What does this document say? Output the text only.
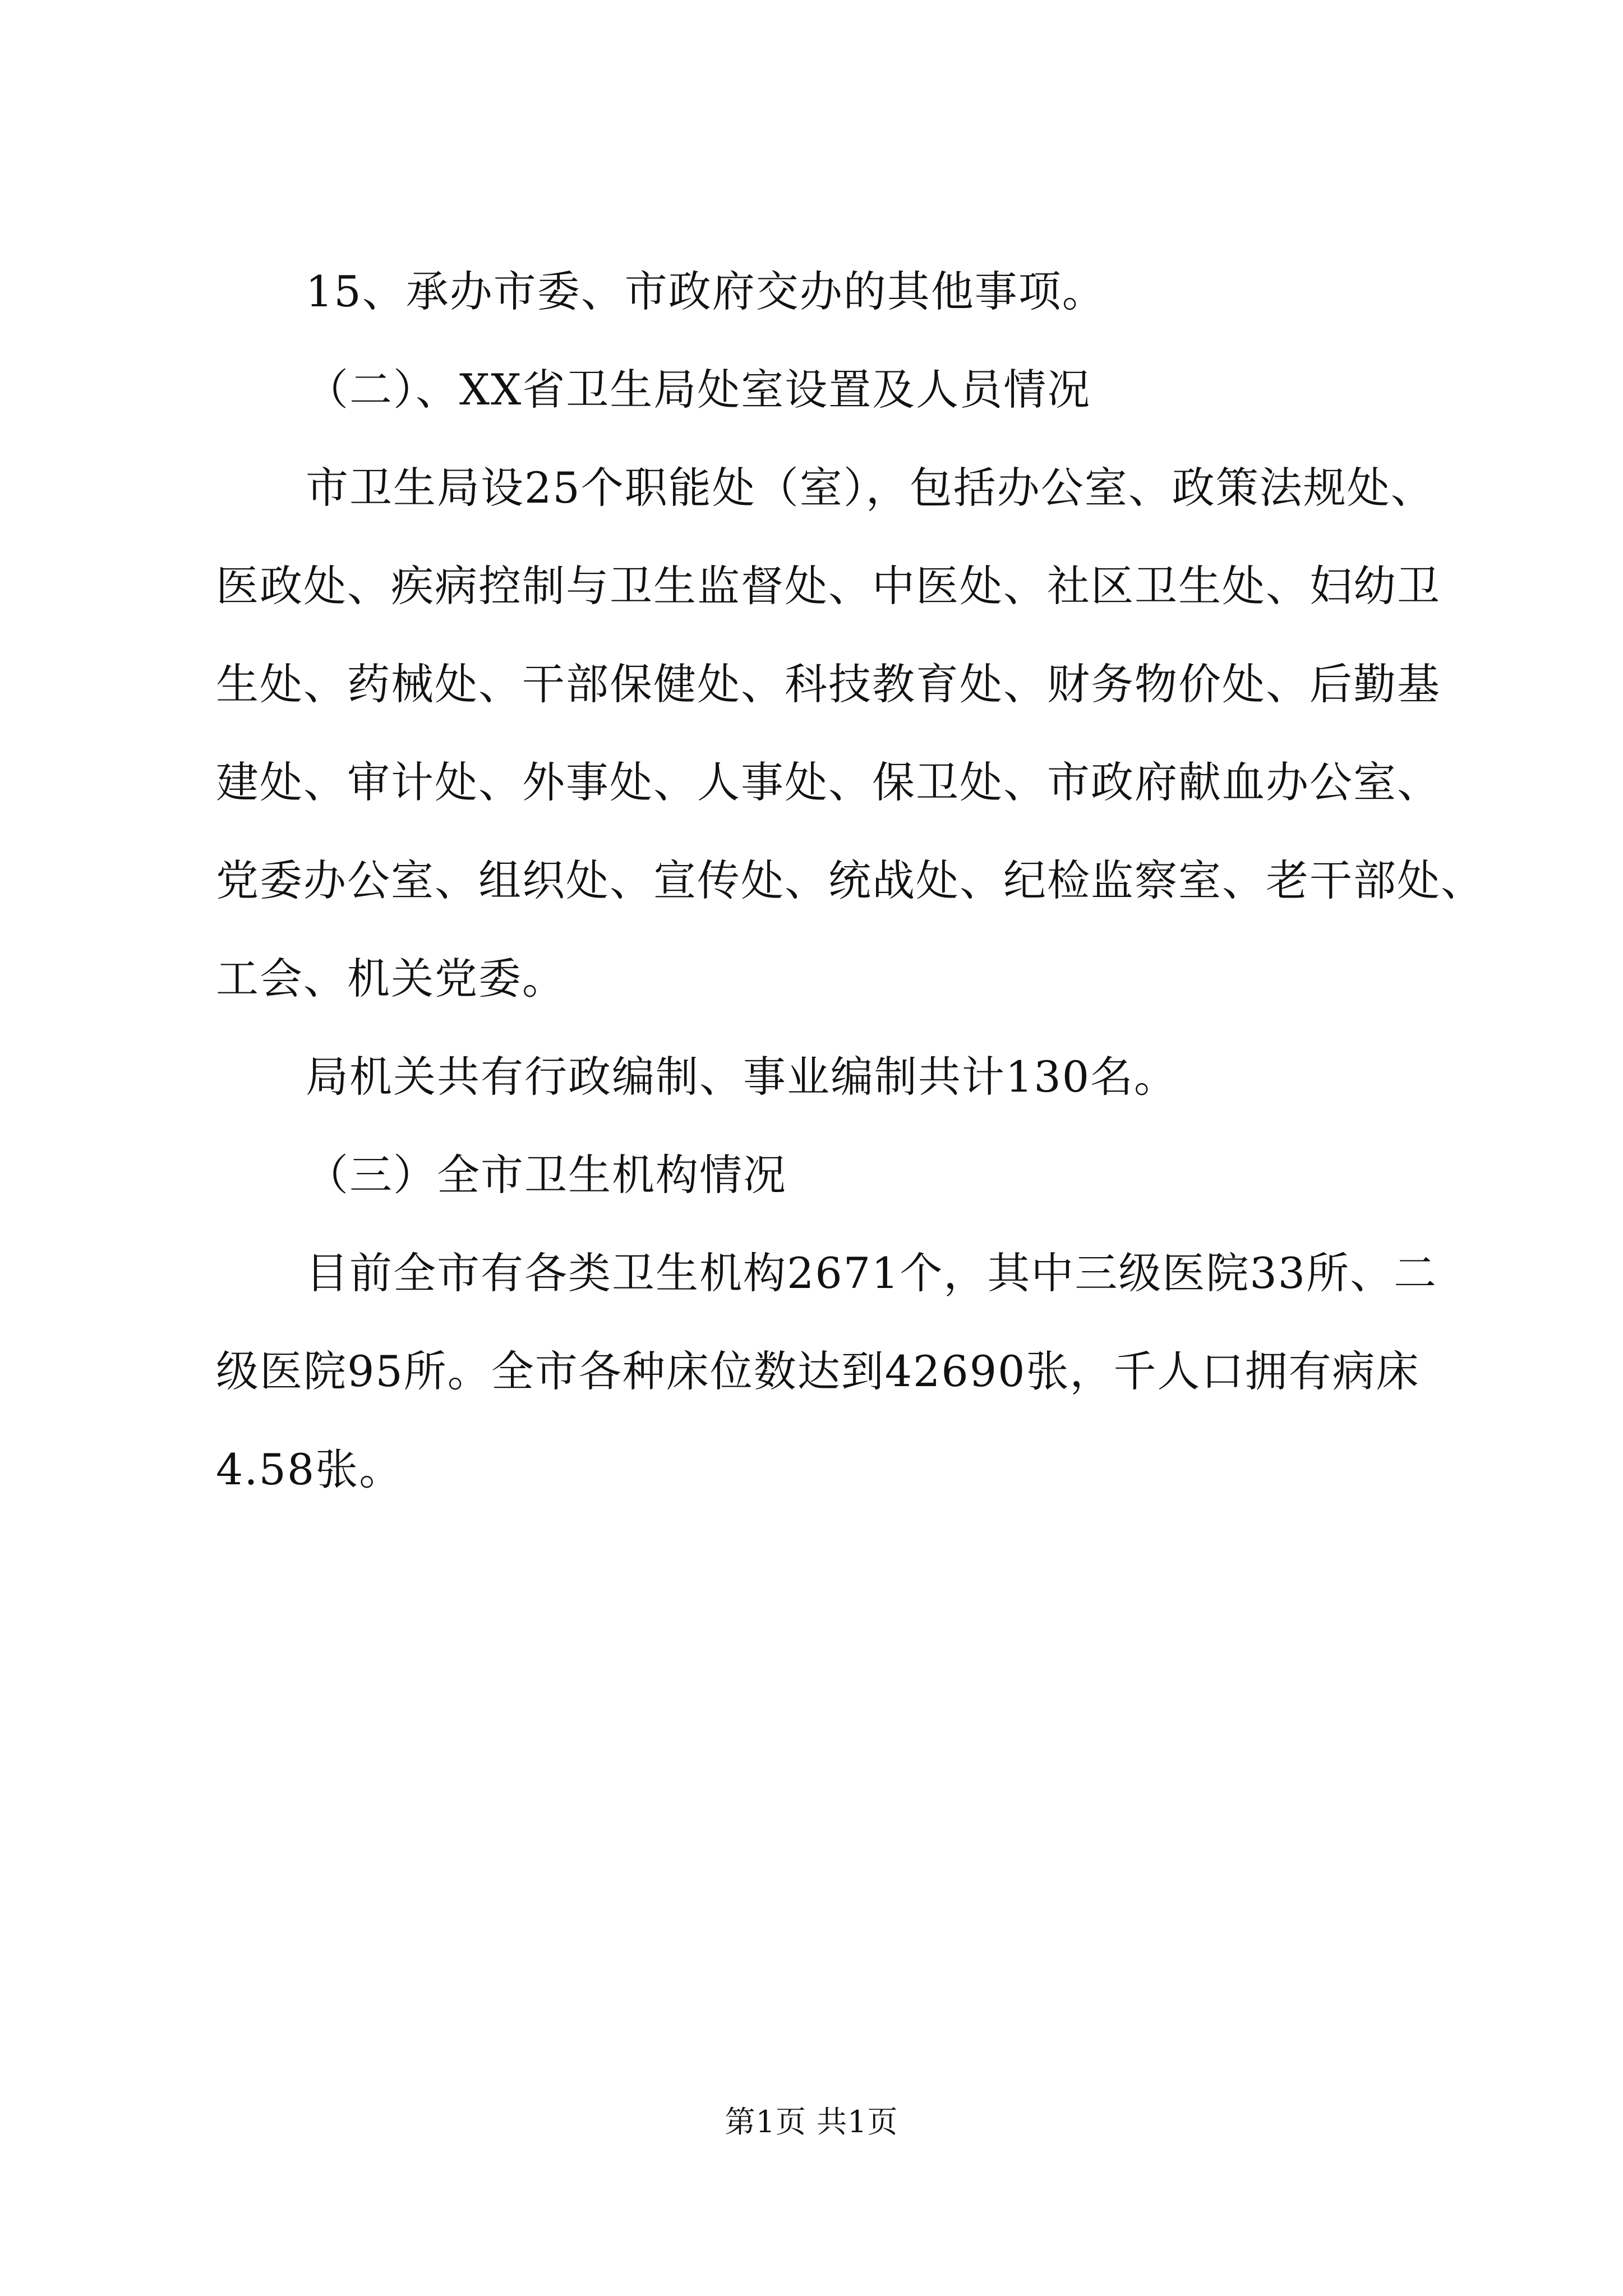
15、承办市委、市政府交办的其他事项。
（二）、XX省卫生局处室设置及人员情况
市卫生局设25个职能处（室），包括办公室、政策法规处、
医政处、疾病控制与卫生监督处、中医处、社区卫生处、妇幼卫
生处、药械处、干部保健处、科技教育处、财务物价处、后勤基
建处、审计处、外事处、人事处、保卫处、市政府献血办公室、
党委办公室、组织处、宣传处、统战处、纪检监察室、老干部处、
工会、机关党委。
局机关共有行政编制、事业编制共计130名。
（三）全市卫生机构情况
目前全市有各类卫生机构2671个，其中三级医院33所、二
级医院95所。全市各种床位数达到42690张，千人口拥有病床
4.58张。
第1页 共1页
